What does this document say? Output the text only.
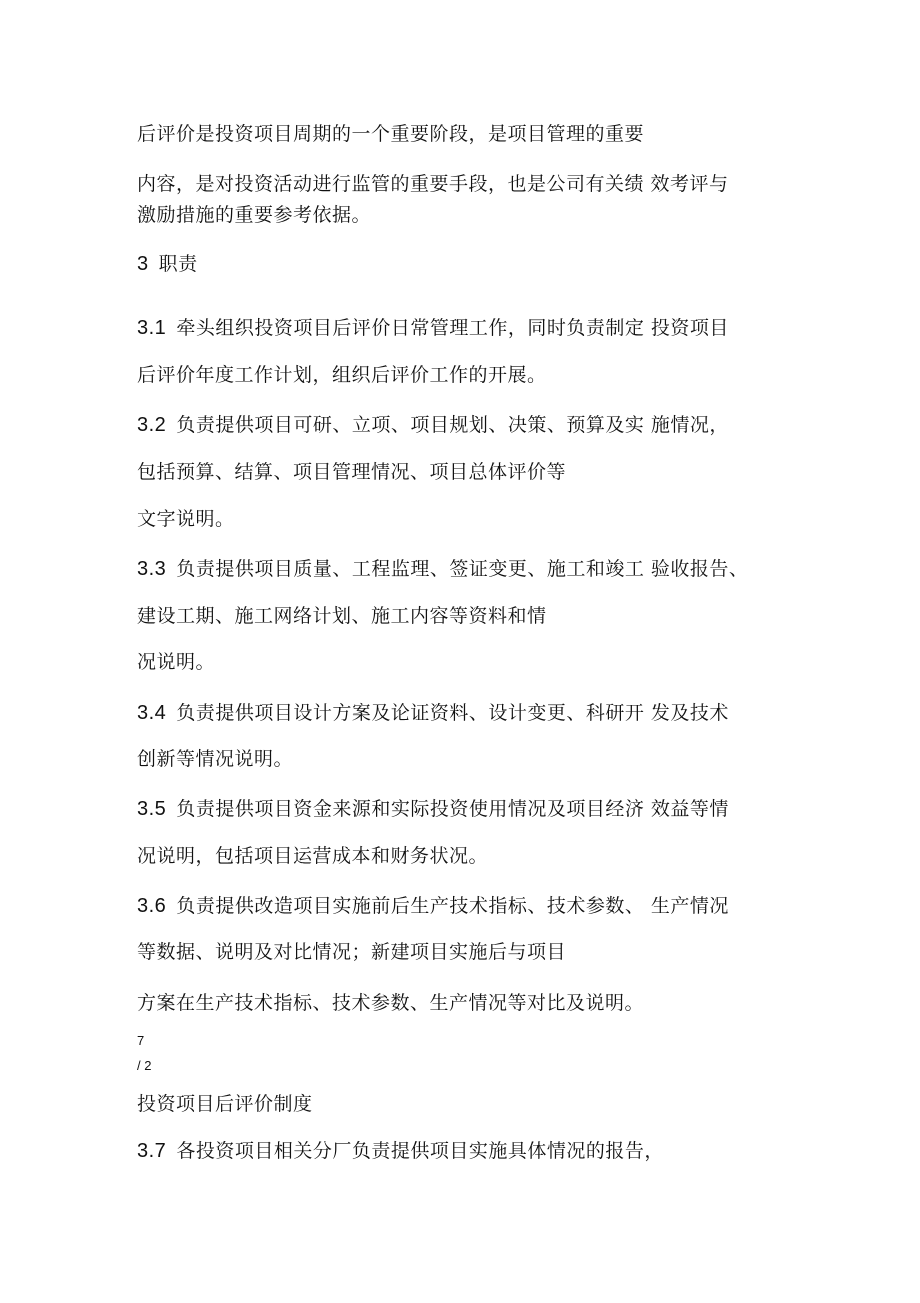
后评价是投资项目周期的一个重要阶段，是项目管理的重要
内容，是对投资活动进行监管的重要手段，也是公司有关绩 效考评与
激励措施的重要参考依据。
3 职责
3.1 牵头组织投资项目后评价日常管理工作，同时负责制定 投资项目
后评价年度工作计划，组织后评价工作的开展。
3.2 负责提供项目可研、立项、项目规划、决策、预算及实 施情况，
包括预算、结算、项目管理情况、项目总体评价等
文字说明。
3.3 负责提供项目质量、工程监理、签证变更、施工和竣工 验收报告、
建设工期、施工网络计划、施工内容等资料和情
况说明。
3.4 负责提供项目设计方案及论证资料、设计变更、科研开 发及技术
创新等情况说明。
3.5 负责提供项目资金来源和实际投资使用情况及项目经济 效益等情
况说明，包括项目运营成本和财务状况。
3.6 负责提供改造项目实施前后生产技术指标、技术参数、 生产情况
等数据、说明及对比情况；新建项目实施后与项目
方案在生产技术指标、技术参数、生产情况等对比及说明。
7
/ 2
投资项目后评价制度
3.7 各投资项目相关分厂负责提供项目实施具体情况的报告，
